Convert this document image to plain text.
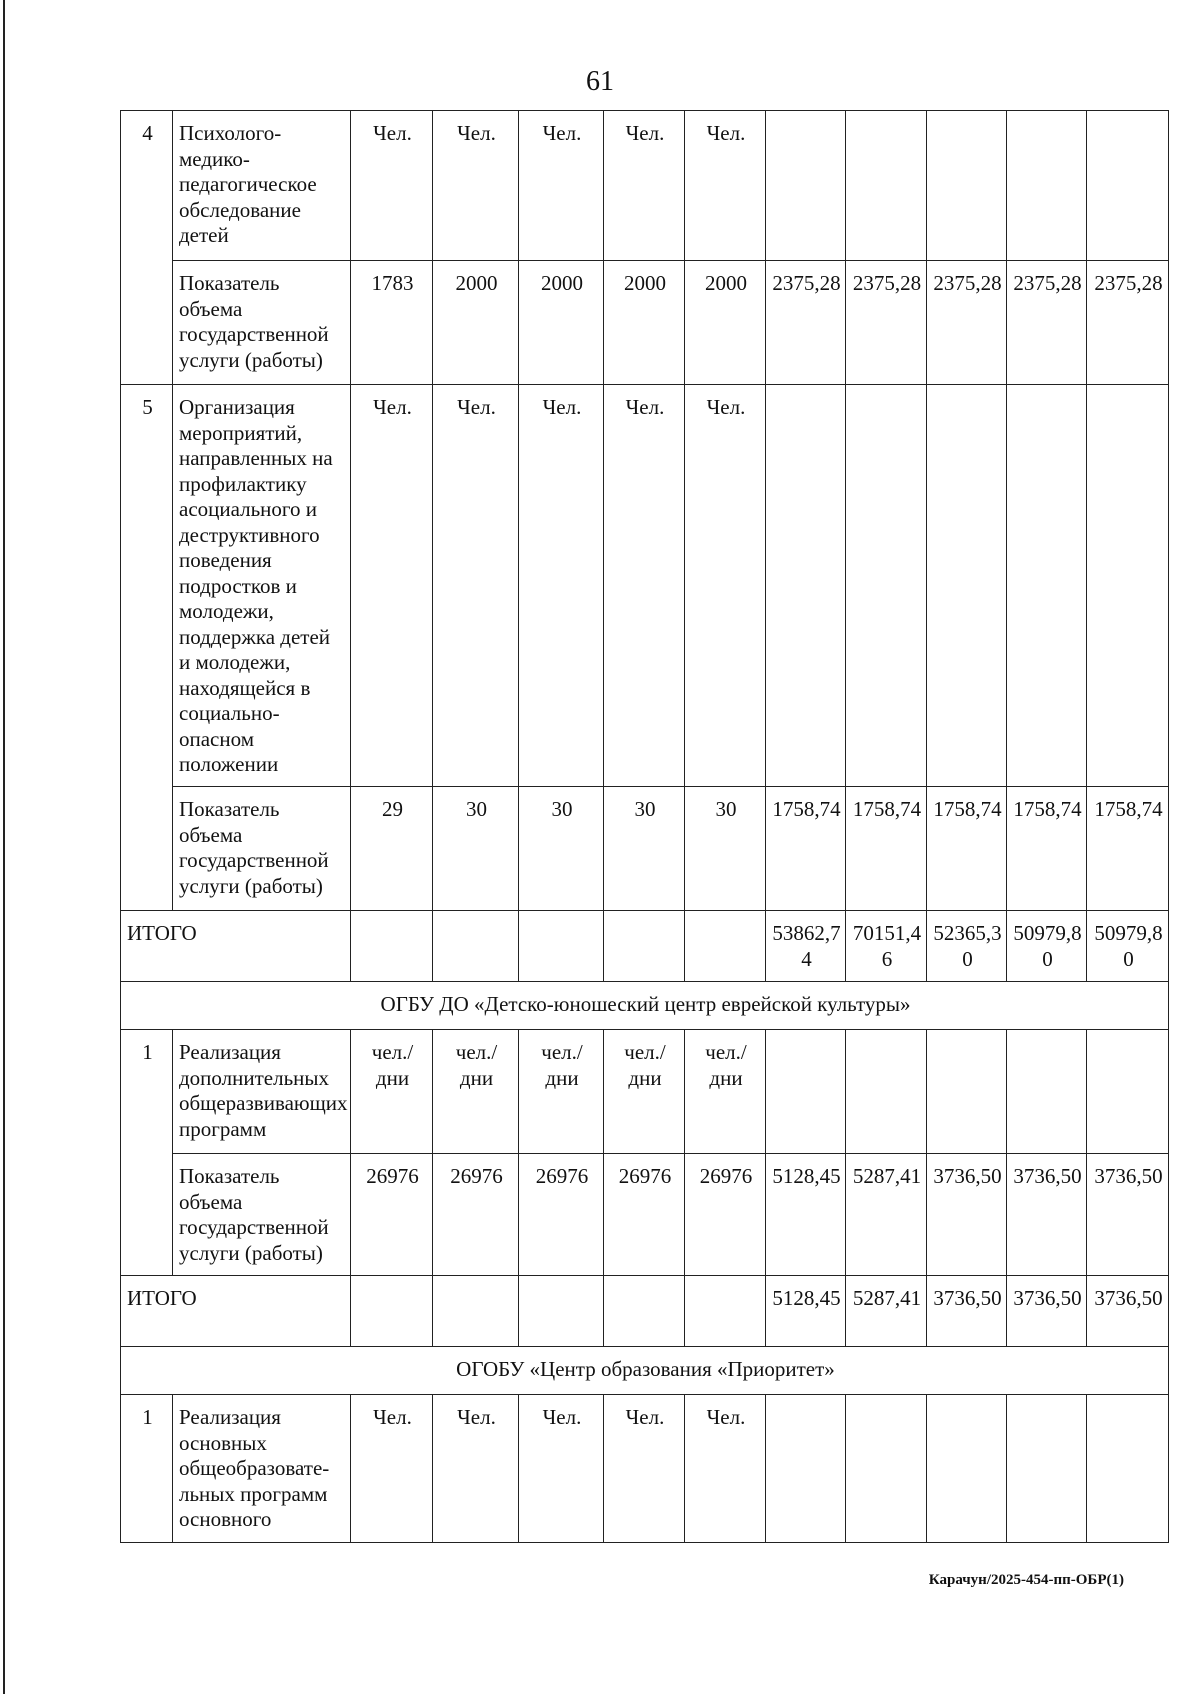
61
4	Психолого-медико-педагогическое обследование детей	Чел.	Чел.	Чел.	Чел.	Чел.					
	Показатель объема государственной услуги (работы)	1783	2000	2000	2000	2000	2375,28	2375,28	2375,28	2375,28	2375,28
5	Организация мероприятий, направленных на профилактику асоциального и деструктивного поведения подростков и молодежи, поддержка детей и молодежи, находящейся в социально-опасном положении	Чел.	Чел.	Чел.	Чел.	Чел.					
	Показатель объема государственной услуги (работы)	29	30	30	30	30	1758,74	1758,74	1758,74	1758,74	1758,74
ИТОГО							53862,74	70151,46	52365,30	50979,80	50979,80
ОГБУ ДО «Детско-юношеский центр еврейской культуры»											
1	Реализация дополнительных общеразвивающих программ	чел./ дни	чел./ дни	чел./ дни	чел./ дни	чел./ дни					
	Показатель объема государственной услуги (работы)	26976	26976	26976	26976	26976	5128,45	5287,41	3736,50	3736,50	3736,50
ИТОГО							5128,45	5287,41	3736,50	3736,50	3736,50
ОГОБУ «Центр образования «Приоритет»											
1	Реализация основных общеобразовате-льных программ основного	Чел.	Чел.	Чел.	Чел.	Чел.					
Карачун/2025-454-пп-ОБР(1)
